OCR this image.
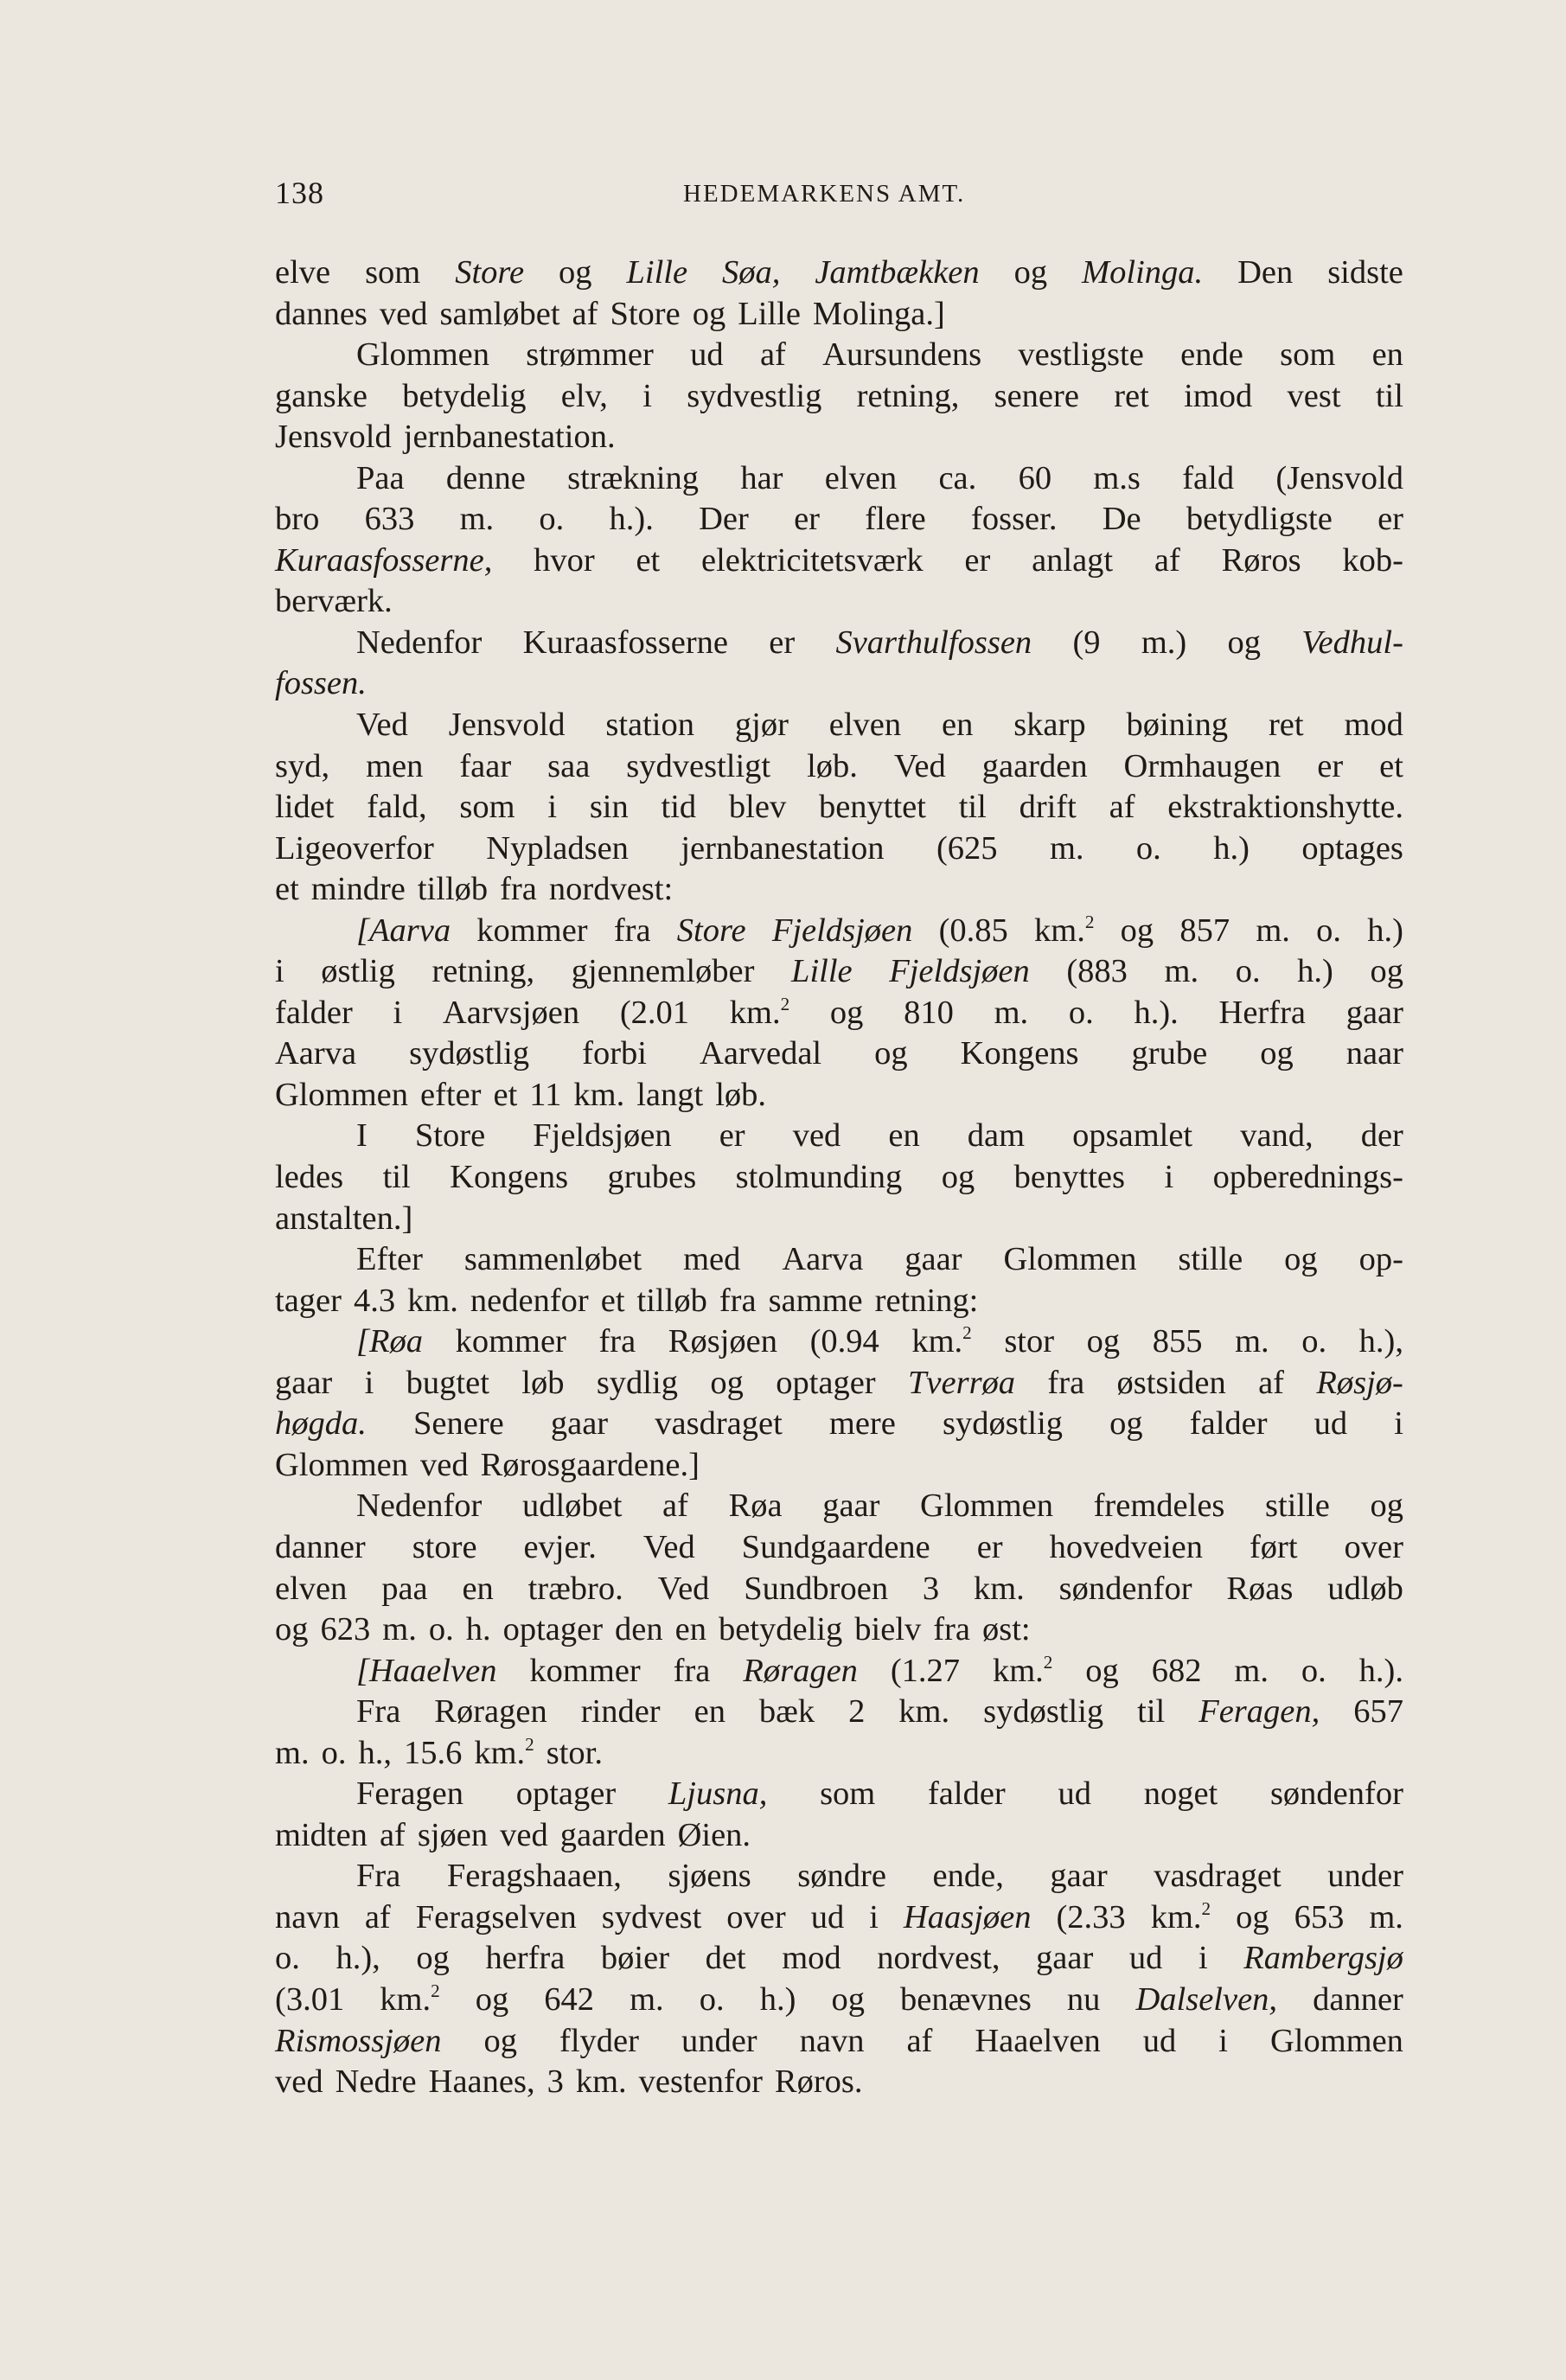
138	HEDEMARKENS AMT.
elve som Store og Lille Søa, Jamtbækken og Molinga. Den sidste
dannes ved samløbet af Store og Lille Molinga.]
Glommen strømmer ud af Aursundens vestligste ende som en
ganske betydelig elv, i sydvestlig retning, senere ret imod vest til
Jensvold jernbanestation.
Paa denne strækning har elven ca. 60 m.s fald (Jensvold
bro 633 m. o. h.). Der er flere fosser. De betydligste er
Kuraasfosserne, hvor et elektricitetsværk er anlagt af Røros kob-
berværk.
Nedenfor Kuraasfosserne er Svarthulfossen (9 m.) og Vedhul-
fossen.
Ved Jensvold station gjør elven en skarp bøining ret mod
syd, men faar saa sydvestligt løb. Ved gaarden Ormhaugen er et
lidet fald, som i sin tid blev benyttet til drift af ekstraktionshytte.
Ligeoverfor Nypladsen jernbanestation (625 m. o. h.) optages
et mindre tilløb fra nordvest:
[Aarva kommer fra Store Fjeldsjøen (0.85 km.$^2$ og 857 m. o. h.)
i østlig retning, gjennemløber Lille Fjeldsjøen (883 m. o. h.) og
falder i Aarvsjøen (2.01 km.$^2$ og 810 m. o. h.). Herfra gaar
Aarva sydøstlig forbi Aarvedal og Kongens grube og naar
Glommen efter et 11 km. langt løb.
I Store Fjeldsjøen er ved en dam opsamlet vand, der
ledes til Kongens grubes stolmunding og benyttes i opberednings-
anstalten.]
Efter sammenløbet med Aarva gaar Glommen stille og op-
tager 4.3 km. nedenfor et tilløb fra samme retning:
[Røa kommer fra Røsjøen (0.94 km.$^2$ stor og 855 m. o. h.),
gaar i bugtet løb sydlig og optager Tverrøa fra østsiden af Røsjø-
høgda. Senere gaar vasdraget mere sydøstlig og falder ud i
Glommen ved Rørosgaardene.]
Nedenfor udløbet af Røa gaar Glommen fremdeles stille og
danner store evjer. Ved Sundgaardene er hovedveien ført over
elven paa en træbro. Ved Sundbroen 3 km. søndenfor Røas udløb
og 623 m. o. h. optager den en betydelig bielv fra øst:
[Haaelven kommer fra Røragen (1.27 km.$^2$ og 682 m. o. h.).
Fra Røragen rinder en bæk 2 km. sydøstlig til Feragen, 657
m. o. h., 15.6 km.$^2$ stor.
Feragen optager Ljusna, som falder ud noget søndenfor
midten af sjøen ved gaarden Øien.
Fra Feragshaaen, sjøens søndre ende, gaar vasdraget under
navn af Feragselven sydvest over ud i Haasjøen (2.33 km.$^2$ og 653 m.
o. h.), og herfra bøier det mod nordvest, gaar ud i Rambergsjø
(3.01 km.$^2$ og 642 m. o. h.) og benævnes nu Dalselven, danner
Rismossjøen og flyder under navn af Haaelven ud i Glommen
ved Nedre Haanes, 3 km. vestenfor Røros.
